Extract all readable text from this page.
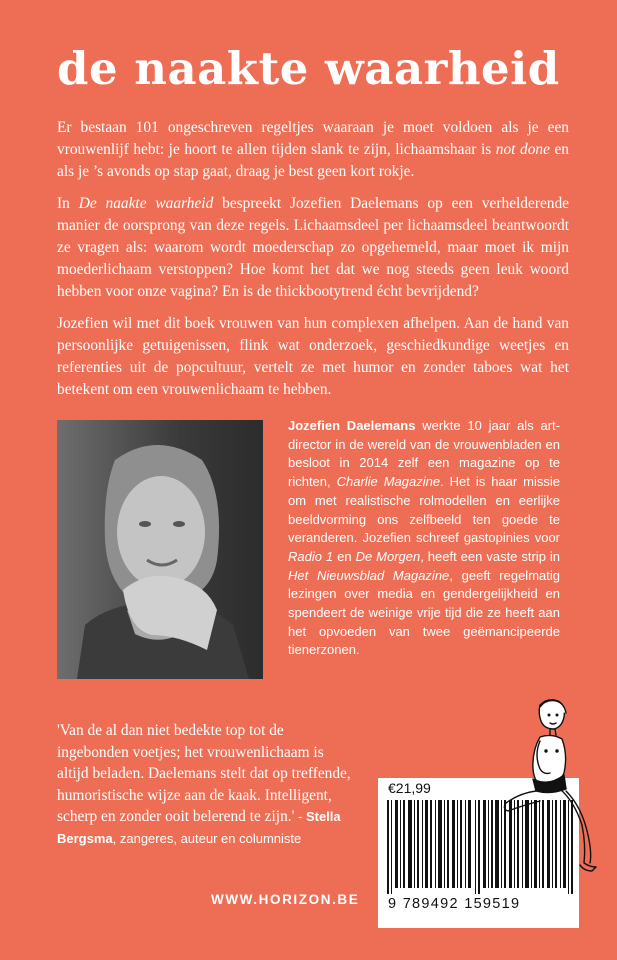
de naakte waarheid

Er bestaan 101 ongeschreven regeltjes waaraan je moet voldoen als je een vrouwenlijf hebt: je hoort te allen tijden slank te zijn, lichaamshaar is not done en als je ’s avonds op stap gaat, draag je best geen kort rokje.

In De naakte waarheid bespreekt Jozefien Daelemans op een verhelderende manier de oorsprong van deze regels. Lichaamsdeel per lichaamsdeel beantwoordt ze vragen als: waarom wordt moederschap zo opgehemeld, maar moet ik mijn moederlichaam verstoppen? Hoe komt het dat we nog steeds geen leuk woord hebben voor onze vagina? En is de thickbootytrend écht bevrijdend?

Jozefien wil met dit boek vrouwen van hun complexen afhelpen. Aan de hand van persoonlijke getuigenissen, flink wat onderzoek, geschiedkundige weetjes en referenties uit de popcultuur, vertelt ze met humor en zonder taboes wat het betekent om een vrouwenlichaam te hebben.

Jozefien Daelemans werkte 10 jaar als art-director in de wereld van de vrouwenbladen en besloot in 2014 zelf een magazine op te richten, Charlie Magazine. Het is haar missie om met realistische rolmodellen en eerlijke beeldvorming ons zelfbeeld ten goede te veranderen. Jozefien schreef gastopinies voor Radio 1 en De Morgen, heeft een vaste strip in Het Nieuwsblad Magazine, geeft regelmatig lezingen over media en gendergelijkheid en spendeert de weinige vrije tijd die ze heeft aan het opvoeden van twee geëmancipeerde tienerzonen.

'Van de al dan niet bedekte top tot de ingebonden voetjes; het vrouwenlichaam is altijd beladen. Daelemans stelt dat op treffende, humoristische wijze aan de kaak. Intelligent, scherp en zonder ooit belerend te zijn.' - Stella Bergsma, zangeres, auteur en columniste

WWW.HORIZON.BE

€21,99
9 789492 159519
